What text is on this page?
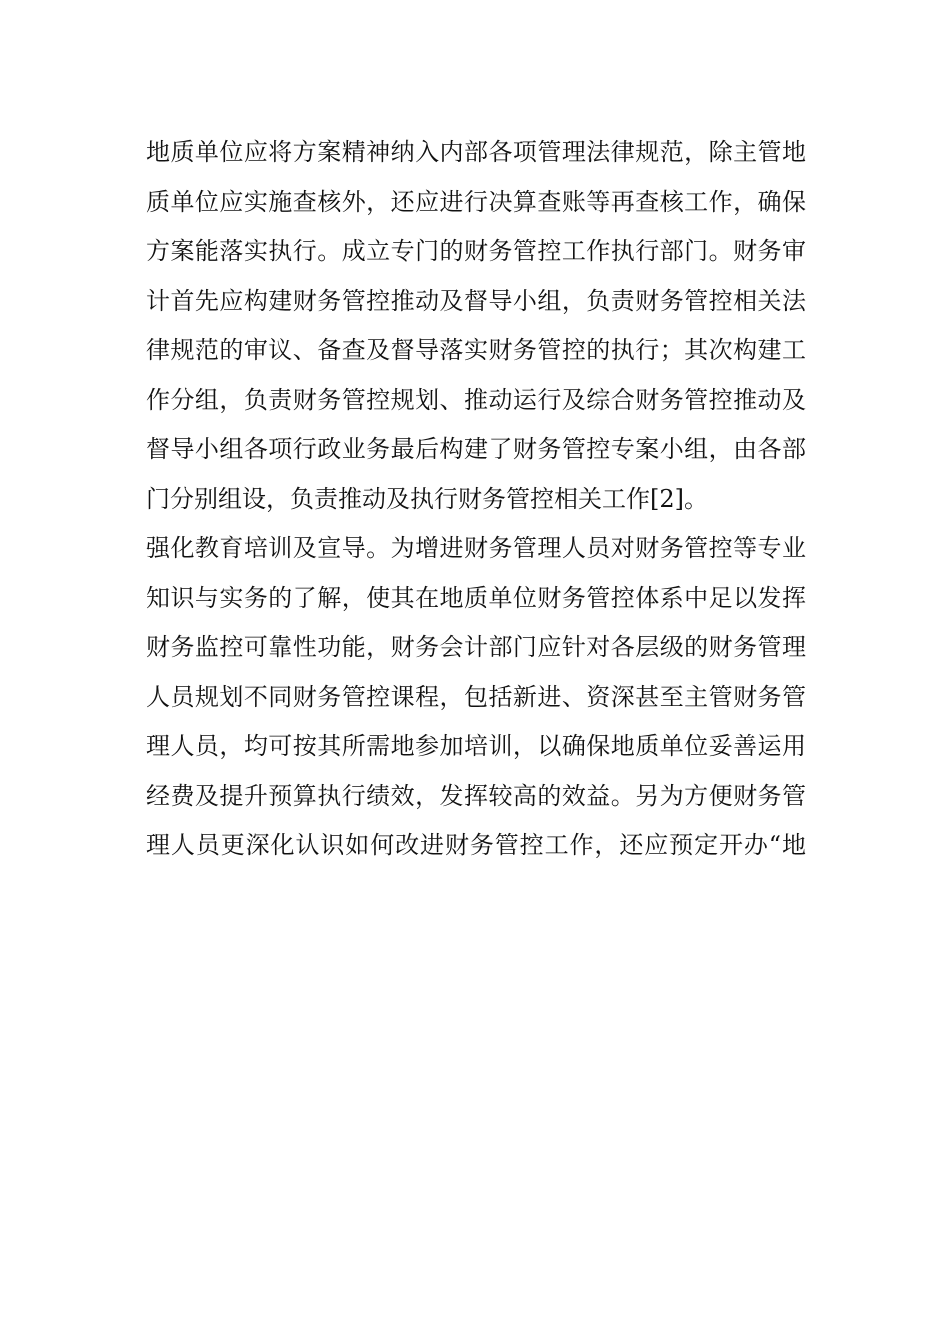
地质单位应将方案精神纳入内部各项管理法律规范，除主管地
质单位应实施查核外，还应进行决算查账等再查核工作，确保
方案能落实执行。成立专门的财务管控工作执行部门。财务审
计首先应构建财务管控推动及督导小组，负责财务管控相关法
律规范的审议、备查及督导落实财务管控的执行；其次构建工
作分组，负责财务管控规划、推动运行及综合财务管控推动及
督导小组各项行政业务最后构建了财务管控专案小组，由各部
门分别组设，负责推动及执行财务管控相关工作[2]。
强化教育培训及宣导。为增进财务管理人员对财务管控等专业
知识与实务的了解，使其在地质单位财务管控体系中足以发挥
财务监控可靠性功能，财务会计部门应针对各层级的财务管理
人员规划不同财务管控课程，包括新进、资深甚至主管财务管
理人员，均可按其所需地参加培训，以确保地质单位妥善运用
经费及提升预算执行绩效，发挥较高的效益。另为方便财务管
理人员更深化认识如何改进财务管控工作，还应预定开办“地
